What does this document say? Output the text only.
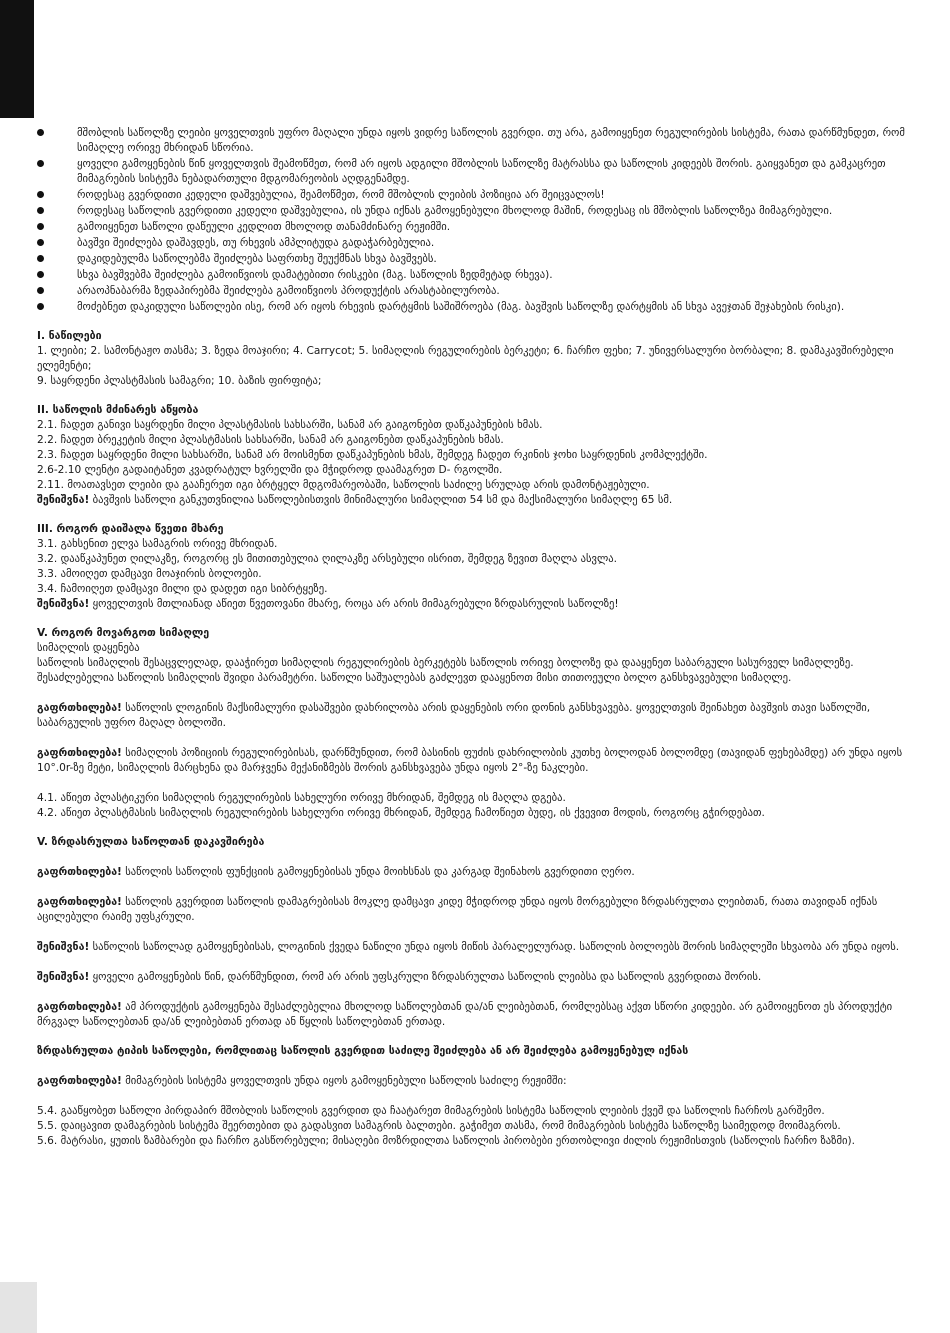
მშობლის საწოლზე ლეიბი ყოველთვის უფრო მაღალი უნდა იყოს ვიდრე საწოლის გვერდი. თუ არა, გამოიყენეთ რეგულირების სისტემა, რათა დარწმუნდეთ, რომ სიმაღლე ორივე მხრიდან სწორია.
ყოველი გამოყენების წინ ყოველთვის შეამოწმეთ, რომ არ იყოს ადგილი მშობლის საწოლზე მატრასსა და საწოლის კიდეებს შორის. გაიყვანეთ და გამკაცრეთ მიმაგრების სისტემა ნებადართული მდგომარეობის აღდგენამდე.
როდესაც გვერდითი კედელი დაშვებულია, შეამოწმეთ, რომ მშობლის ლეიბის პოზიცია არ შეიცვალოს!
როდესაც საწოლის გვერდითი კედელი დაშვებულია, ის უნდა იქნას გამოყენებული მხოლოდ მაშინ, როდესაც ის მშობლის საწოლზეა მიმაგრებული.
გამოიყენეთ საწოლი დაწეული კედლით მხოლოდ თანამძინარე რეჟიმში.
ბავშვი შეიძლება დაშავდეს, თუ რხევის ამპლიტუდა გადაჭარბებულია.
დაკიდებულმა საწოლებმა შეიძლება საფრთხე შეუქმნას სხვა ბავშვებს.
სხვა ბავშვებმა შეიძლება გამოიწვიოს დამატებითი რისკები (მაგ. საწოლის ზედმეტად რხევა).
არაოპნაბარმა ზედაპირებმა შეიძლება გამოიწვიოს პროდუქტის არასტაბილურობა.
მოძებნეთ დაკიდული საწოლები ისე, რომ არ იყოს რხევის დარტყმის საშიშროება (მაგ. ბავშვის საწოლზე დარტყმის ან სხვა ავეჯთან შეჯახების რისკი).

I. ნაწილები

1. ლეიბი; 2. სამონტაჟო თასმა; 3. ზედა მოაჯირი; 4. Carrycot; 5. სიმაღლის რეგულირების ბერკეტი; 6. ჩარჩო ფეხი; 7. უნივერსალური ბორბალი; 8. დამაკავშირებელი ელემენტი;

9. საყრდენი პლასტმასის სამაგრი; 10. ბაზის ფირფიტა;

II. საწოლის მძინარეს აწყობა

2.1. ჩადეთ განივი საყრდენი მილი პლასტმასის სახსარში, სანამ არ გაიგონებთ დაწკაპუნების ხმას.

2.2. ჩადეთ ბრეკეტის მილი პლასტმასის სახსარში, სანამ არ გაიგონებთ დაწკაპუნების ხმას.

2.3. ჩადეთ საყრდენი მილი სახსარში, სანამ არ მოისმენთ დაწკაპუნების ხმას, შემდეგ ჩადეთ რკინის ჯოხი საყრდენის კომპლექტში.

2.6-2.10 ლენტი გადაიტანეთ კვადრატულ ხვრელში და მჭიდროდ დაამაგრეთ D- რგოლში.

2.11. მოათავსეთ ლეიბი და გააჩერეთ იგი ბრტყელ მდგომარეობაში, საწოლის საძილე სრულად არის დამონტაჟებული.

შენიშვნა! ბავშვის საწოლი განკუთვნილია საწოლებისთვის მინიმალური სიმაღლით 54 სმ და მაქსიმალური სიმაღლე 65 სმ.

III. როგორ დაიშალა წვეთი მხარე

3.1. გახსენით ელვა სამაგრის ორივე მხრიდან.

3.2. დააწკაპუნეთ ღილაკზე, როგორც ეს მითითებულია ღილაკზე არსებული ისრით, შემდეგ ზევით მაღლა ასვლა.

3.3. ამოიღეთ დამცავი მოაჯირის ბოლოები.

3.4. ჩამოიღეთ დამცავი მილი და დადეთ იგი სიბრტყეზე.

შენიშვნა! ყოველთვის მთლიანად აწიეთ წვეთოვანი მხარე, როცა არ არის მიმაგრებული ზრდასრულის საწოლზე!

V. როგორ მოვარგოთ სიმაღლე

სიმაღლის დაყენება

საწოლის სიმაღლის შესაცვლელად, დააჭირეთ სიმაღლის რეგულირების ბერკეტებს საწოლის ორივე ბოლოზე და დააყენეთ საბარგული სასურველ სიმაღლეზე. შესაძლებელია საწოლის სიმაღლის შვიდი პარამეტრი. საწოლი საშუალებას გაძლევთ დააყენოთ მისი თითოეული ბოლო განსხვავებული სიმაღლე.

გაფრთხილება! საწოლის ლოგინის მაქსიმალური დასაშვები დახრილობა არის დაყენების ორი დონის განსხვავება. ყოველთვის შეინახეთ ბავშვის თავი საწოლში, საბარგულის უფრო მაღალ ბოლოში.

გაფრთხილება! სიმაღლის პოზიციის რეგულირებისას, დარწმუნდით, რომ ბასინის ფუძის დახრილობის კუთხე ბოლოდან ბოლომდე (თავიდან ფეხებამდე) არ უნდა იყოს 10°.0r-ზე მეტი, სიმაღლის მარცხენა და მარჯვენა მექანიზმებს შორის განსხვავება უნდა იყოს 2°-ზე ნაკლები.

4.1. აწიეთ პლასტიკური სიმაღლის რეგულირების სახელური ორივე მხრიდან, შემდეგ ის მაღლა დგება.

4.2. აწიეთ პლასტმასის სიმაღლის რეგულირების სახელური ორივე მხრიდან, შემდეგ ჩამოწიეთ ბუდე, ის ქვევით მოდის, როგორც გჭირდებათ.

V. ზრდასრულთა საწოლთან დაკავშირება

გაფრთხილება! საწოლის საწოლის ფუნქციის გამოყენებისას უნდა მოიხსნას და კარგად შეინახოს გვერდითი ღერო.

გაფრთხილება! საწოლის გვერდით საწოლის დამაგრებისას მოკლე დამცავი კიდე მჭიდროდ უნდა იყოს მორგებული ზრდასრულთა ლეიბთან, რათა თავიდან იქნას აცილებული რაიმე უფსკრული.

შენიშვნა! საწოლის საწოლად გამოყენებისას, ლოგინის ქვედა ნაწილი უნდა იყოს მიწის პარალელურად. საწოლის ბოლოებს შორის სიმაღლეში სხვაობა არ უნდა იყოს.

შენიშვნა! ყოველი გამოყენების წინ, დარწმუნდით, რომ არ არის უფსკრული ზრდასრულთა საწოლის ლეიბსა და საწოლის გვერდითა შორის.

გაფრთხილება! ამ პროდუქტის გამოყენება შესაძლებელია მხოლოდ საწოლებთან და/ან ლეიბებთან, რომლებსაც აქვთ სწორი კიდეები. არ გამოიყენოთ ეს პროდუქტი მრგვალ საწოლებთან და/ან ლეიბებთან ერთად ან წყლის საწოლებთან ერთად.

ზრდასრულთა ტიპის საწოლები, რომლითაც საწოლის გვერდით საძილე შეიძლება ან არ შეიძლება გამოყენებულ იქნას

გაფრთხილება! მიმაგრების სისტემა ყოველთვის უნდა იყოს გამოყენებული საწოლის საძილე რეჟიმში:

5.4. გააწყობეთ საწოლი პირდაპირ მშობლის საწოლის გვერდით და ჩაატარეთ მიმაგრების სისტემა საწოლის ლეიბის ქვეშ და საწოლის ჩარჩოს გარშემო.

5.5. დაიცავით დამაგრების სისტემა შეერთებით და გადასვით სამაგრის ბალთები. გაჭიმეთ თასმა, რომ მიმაგრების სისტემა საწოლზე საიმედოდ მოიმაგროს.

5.6. მატრასი, ყუთის ზამბარები და ჩარჩო გასწორებული; მისაღები მოზრდილთა საწოლის პირობები ერთობლივი ძილის რეჟიმისთვის (საწოლის ჩარჩო ზაზმი).
